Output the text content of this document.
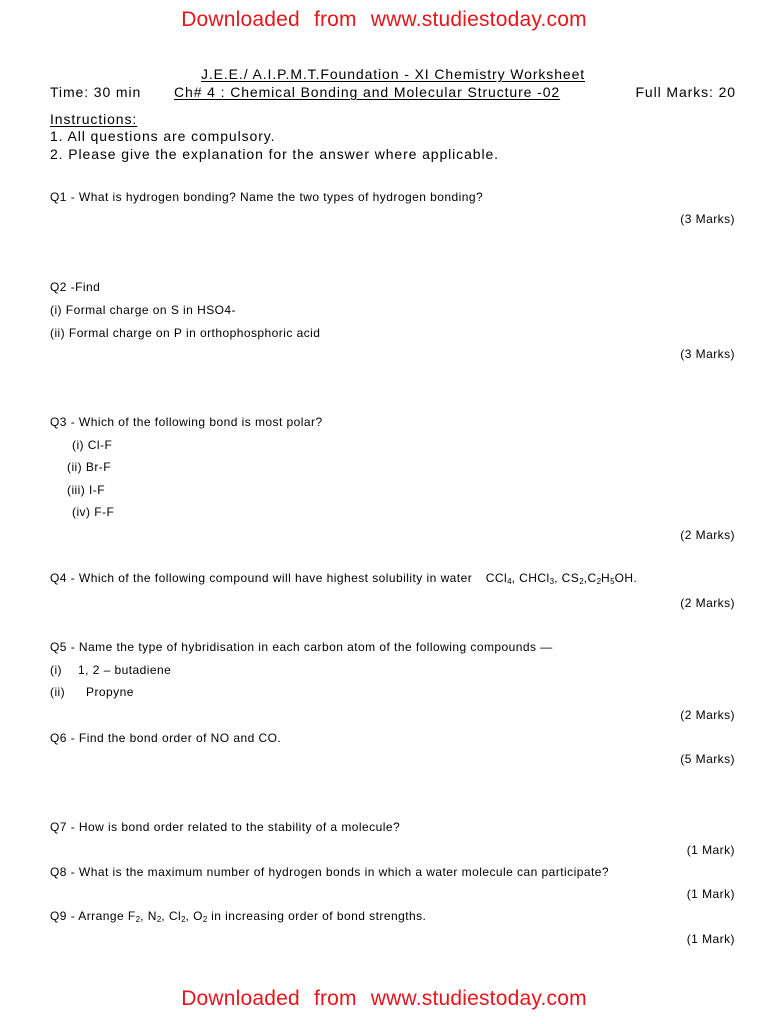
Downloaded from www.studiestoday.com
J.E.E./ A.I.P.M.T.Foundation - XI Chemistry Worksheet
Time: 30 min Ch# 4 : Chemical Bonding and Molecular Structure -02	Full Marks: 20
Instructions:
1. All questions are compulsory.
2. Please give the explanation for the answer where applicable.
Q1 - What is hydrogen bonding? Name the two types of hydrogen bonding?
(3 Marks)
Q2 -Find
(i) Formal charge on S in HSO4-
(ii) Formal charge on P in orthophosphoric acid
(3 Marks)
Q3 - Which of the following bond is most polar?
(i) Cl-F
(ii) Br-F
(iii) I-F
(iv) F-F
(2 Marks)
Q4 - Which of the following compound will have highest solubility in water CCl$_4$, CHCl$_3$, $CS_2,C_2H_5OH$.
(2 Marks)
Q5 - Name the type of hybridisation in each carbon atom of the following compounds —
(i) 1, 2 – butadiene
(ii) Propyne
(2 Marks)
Q6 - Find the bond order of NO and CO.
(5 Marks)
Q7 - How is bond order related to the stability of a molecule?
(1 Mark)
Q8 - What is the maximum number of hydrogen bonds in which a water molecule can participate?
(1 Mark)
Q9 - Arrange $F_2$, $N_2$, $Cl_2$, $O_2$ in increasing order of bond strengths.
(1 Mark)
Downloaded from www.studiestoday.com
